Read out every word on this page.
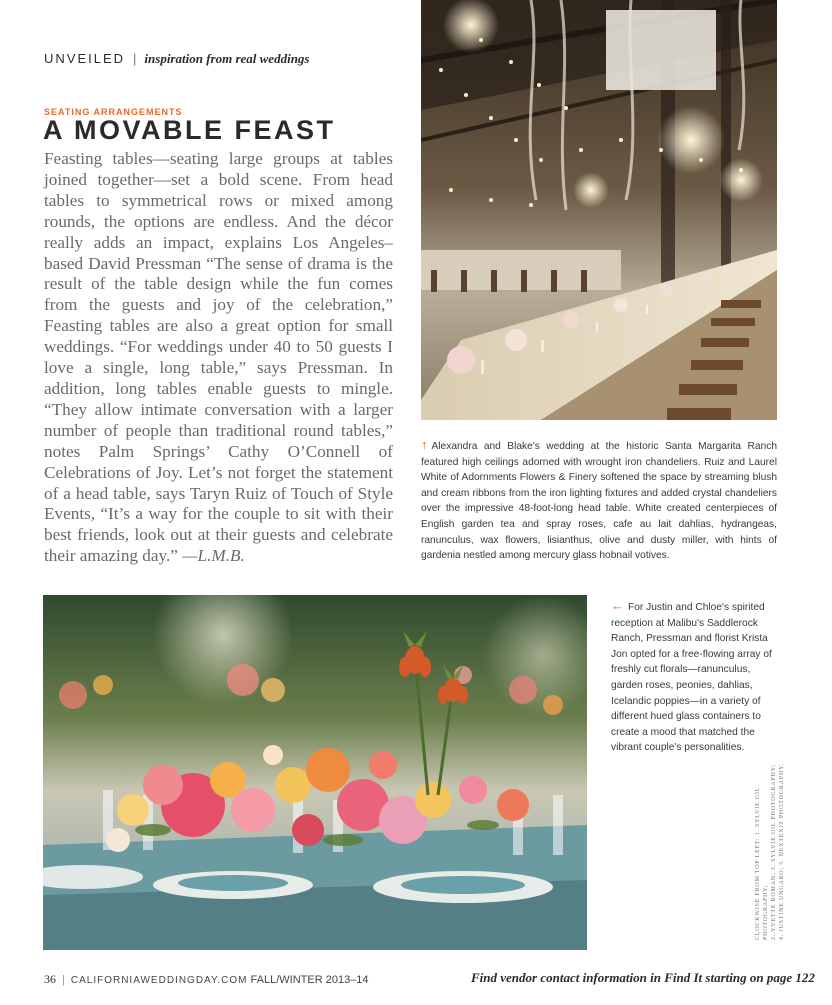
UNVEILED | inspiration from real weddings
SEATING ARRANGEMENTS
A MOVABLE FEAST
Feasting tables—seating large groups at tables joined together—set a bold scene. From head tables to symmetrical rows or mixed among rounds, the options are endless. And the décor really adds an impact, explains Los Angeles–based David Pressman “The sense of drama is the result of the table design while the fun comes from the guests and joy of the celebration,” Feasting tables are also a great option for small weddings. “For weddings under 40 to 50 guests I love a single, long table,” says Pressman. In addition, long tables enable guests to mingle. “They allow intimate conversation with a larger number of people than traditional round tables,” notes Palm Springs’ Cathy O’Connell of Celebrations of Joy. Let’s not forget the statement of a head table, says Taryn Ruiz of Touch of Style Events, “It’s a way for the couple to sit with their best friends, look out at their guests and celebrate their amazing day.” —L.M.B.
↑ Alexandra and Blake's wedding at the historic Santa Margarita Ranch featured high ceilings adorned with wrought iron chandeliers. Ruiz and Laurel White of Adornments Flowers & Finery softened the space by streaming blush and cream ribbons from the iron lighting fixtures and added crystal chandeliers over the impressive 48-foot-long head table. White created centerpieces of English garden tea and spray roses, cafe au lait dahlias, hydrangeas, ranunculus, wax flowers, lisianthus, olive and dusty miller, with hints of gardenia nestled among mercury glass hobnail votives.
← For Justin and Chloe's spirited reception at Malibu's Saddlerock Ranch, Pressman and florist Krista Jon opted for a free-flowing array of freshly cut florals—ranunculus, garden roses, peonies, dahlias, Icelandic poppies—in a variety of different hued glass containers to create a mood that matched the vibrant couple's personalities.
CLOCKWISE FROM TOP LEFT: 1. SYLVIE GIL PHOTOGRAPHY; 2. YVETTE ROMAN; 3. SYLVIE GIL PHOTOGRAPHY; 4. JUSTINE UNGARO; 5. NEXTEXIT PHOTOGRAPHY.
36 | CALIFORNIAWEDDINGDAY.COM FALL/WINTER 2013–14	Find vendor contact information in Find It starting on page 122
